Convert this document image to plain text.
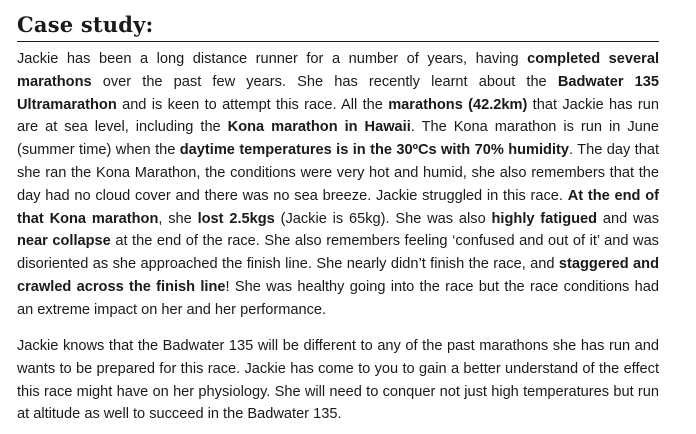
Case study:

Jackie has been a long distance runner for a number of years, having completed several marathons over the past few years. She has recently learnt about the Badwater 135 Ultramarathon and is keen to attempt this race. All the marathons (42.2km) that Jackie has run are at sea level, including the Kona marathon in Hawaii. The Kona marathon is run in June (summer time) when the daytime temperatures is in the 30ºCs with 70% humidity. The day that she ran the Kona Marathon, the conditions were very hot and humid, she also remembers that the day had no cloud cover and there was no sea breeze. Jackie struggled in this race. At the end of that Kona marathon, she lost 2.5kgs (Jackie is 65kg). She was also highly fatigued and was near collapse at the end of the race. She also remembers feeling ‘confused and out of it’ and was disoriented as she approached the finish line. She nearly didn’t finish the race, and staggered and crawled across the finish line! She was healthy going into the race but the race conditions had an extreme impact on her and her performance.

Jackie knows that the Badwater 135 will be different to any of the past marathons she has run and wants to be prepared for this race. Jackie has come to you to gain a better understand of the effect this race might have on her physiology. She will need to conquer not just high temperatures but run at altitude as well to succeed in the Badwater 135.
